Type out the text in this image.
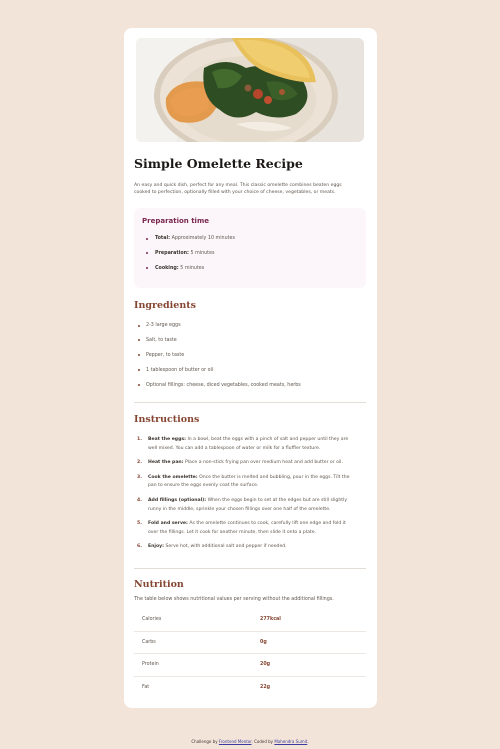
Simple Omelette Recipe

An easy and quick dish, perfect for any meal. This classic omelette combines beaten eggs cooked to perfection, optionally filled with your choice of cheese, vegetables, or meats.

Preparation time
Total: Approximately 10 minutes
Preparation: 5 minutes
Cooking: 5 minutes
Ingredients
2-3 large eggs
Salt, to taste
Pepper, to taste
1 tablespoon of butter or oil
Optional fillings: cheese, diced vegetables, cooked meats, herbs
Instructions
1. Beat the eggs: In a bowl, beat the eggs with a pinch of salt and pepper until they are well mixed. You can add a tablespoon of water or milk for a fluffier texture.
2. Heat the pan: Place a non-stick frying pan over medium heat and add butter or oil.
3. Cook the omelette: Once the butter is melted and bubbling, pour in the eggs. Tilt the pan to ensure the eggs evenly coat the surface.
4. Add fillings (optional): When the eggs begin to set at the edges but are still slightly runny in the middle, sprinkle your chosen fillings over one half of the omelette.
5. Fold and serve: As the omelette continues to cook, carefully lift one edge and fold it over the fillings. Let it cook for another minute, then slide it onto a plate.
6. Enjoy: Serve hot, with additional salt and pepper if needed.
Nutrition

The table below shows nutritional values per serving without the additional fillings.

Calories	277kcal
Carbs	0g
Protein	20g
Fat	22g
Challenge by Frontend Mentor. Coded by Mahendra Sumit.
